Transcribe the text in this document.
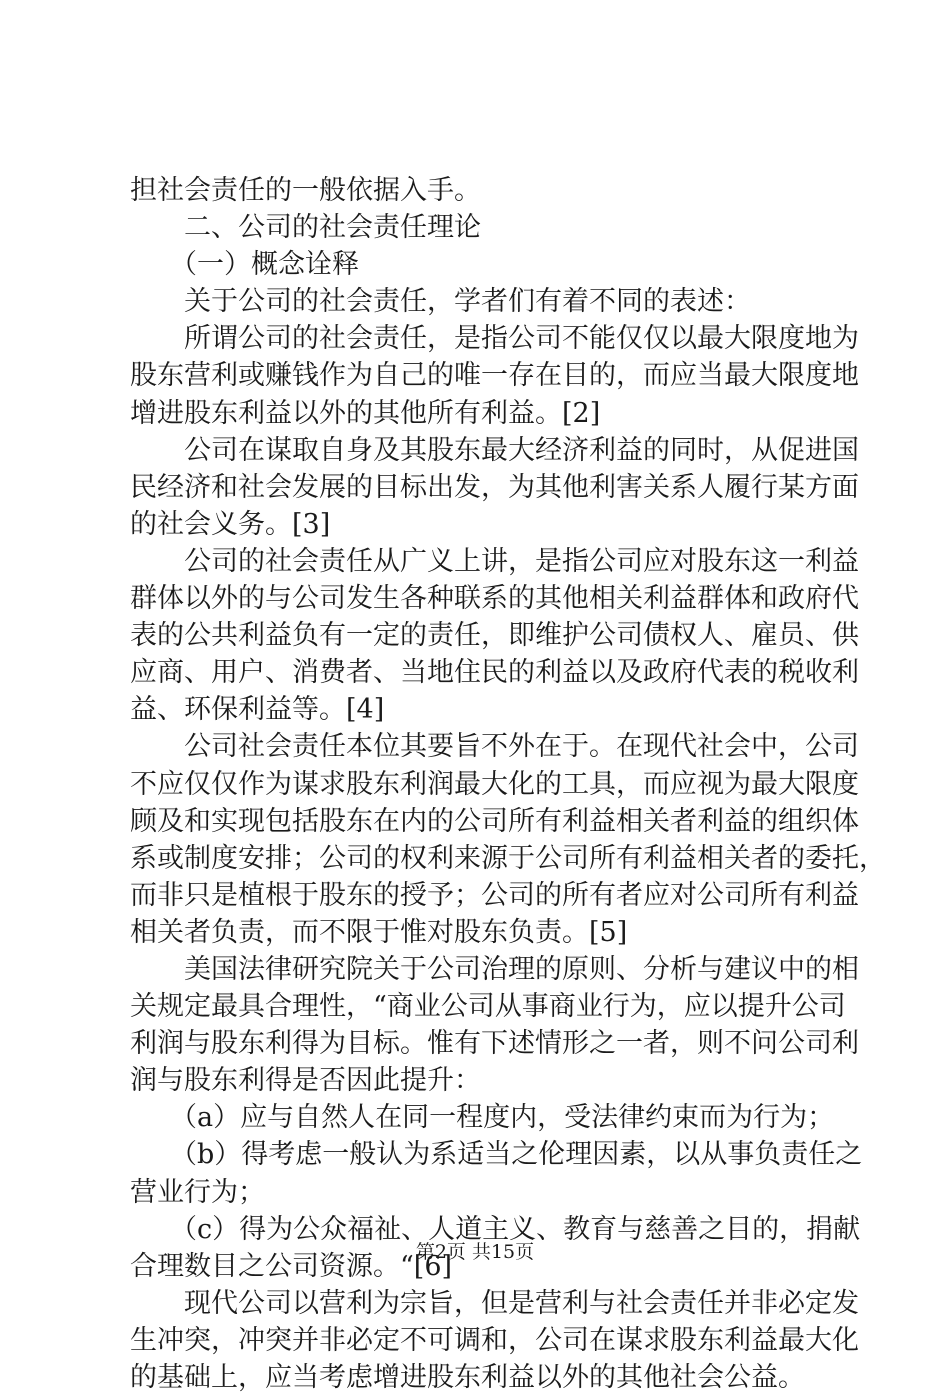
担社会责任的一般依据入手。
二、公司的社会责任理论
（一）概念诠释
关于公司的社会责任，学者们有着不同的表述：
所谓公司的社会责任，是指公司不能仅仅以最大限度地为
股东营利或赚钱作为自己的唯一存在目的，而应当最大限度地
增进股东利益以外的其他所有利益。[2]
公司在谋取自身及其股东最大经济利益的同时，从促进国
民经济和社会发展的目标出发，为其他利害关系人履行某方面
的社会义务。[3]
公司的社会责任从广义上讲，是指公司应对股东这一利益
群体以外的与公司发生各种联系的其他相关利益群体和政府代
表的公共利益负有一定的责任，即维护公司债权人、雇员、供
应商、用户、消费者、当地住民的利益以及政府代表的税收利
益、环保利益等。[4]
公司社会责任本位其要旨不外在于。在现代社会中，公司
不应仅仅作为谋求股东利润最大化的工具，而应视为最大限度
顾及和实现包括股东在内的公司所有利益相关者利益的组织体
系或制度安排；公司的权利来源于公司所有利益相关者的委托，
而非只是植根于股东的授予；公司的所有者应对公司所有利益
相关者负责，而不限于惟对股东负责。[5]
美国法律研究院关于公司治理的原则、分析与建议中的相
关规定最具合理性，“商业公司从事商业行为，应以提升公司
利润与股东利得为目标。惟有下述情形之一者，则不问公司利
润与股东利得是否因此提升：
（a）应与自然人在同一程度内，受法律约束而为行为；
（b）得考虑一般认为系适当之伦理因素，以从事负责任之
营业行为；
（c）得为公众福祉、人道主义、教育与慈善之目的，捐献
合理数目之公司资源。“[6]
现代公司以营利为宗旨，但是营利与社会责任并非必定发
生冲突，冲突并非必定不可调和，公司在谋求股东利益最大化
的基础上，应当考虑增进股东利益以外的其他社会公益。
第2页 共15页
